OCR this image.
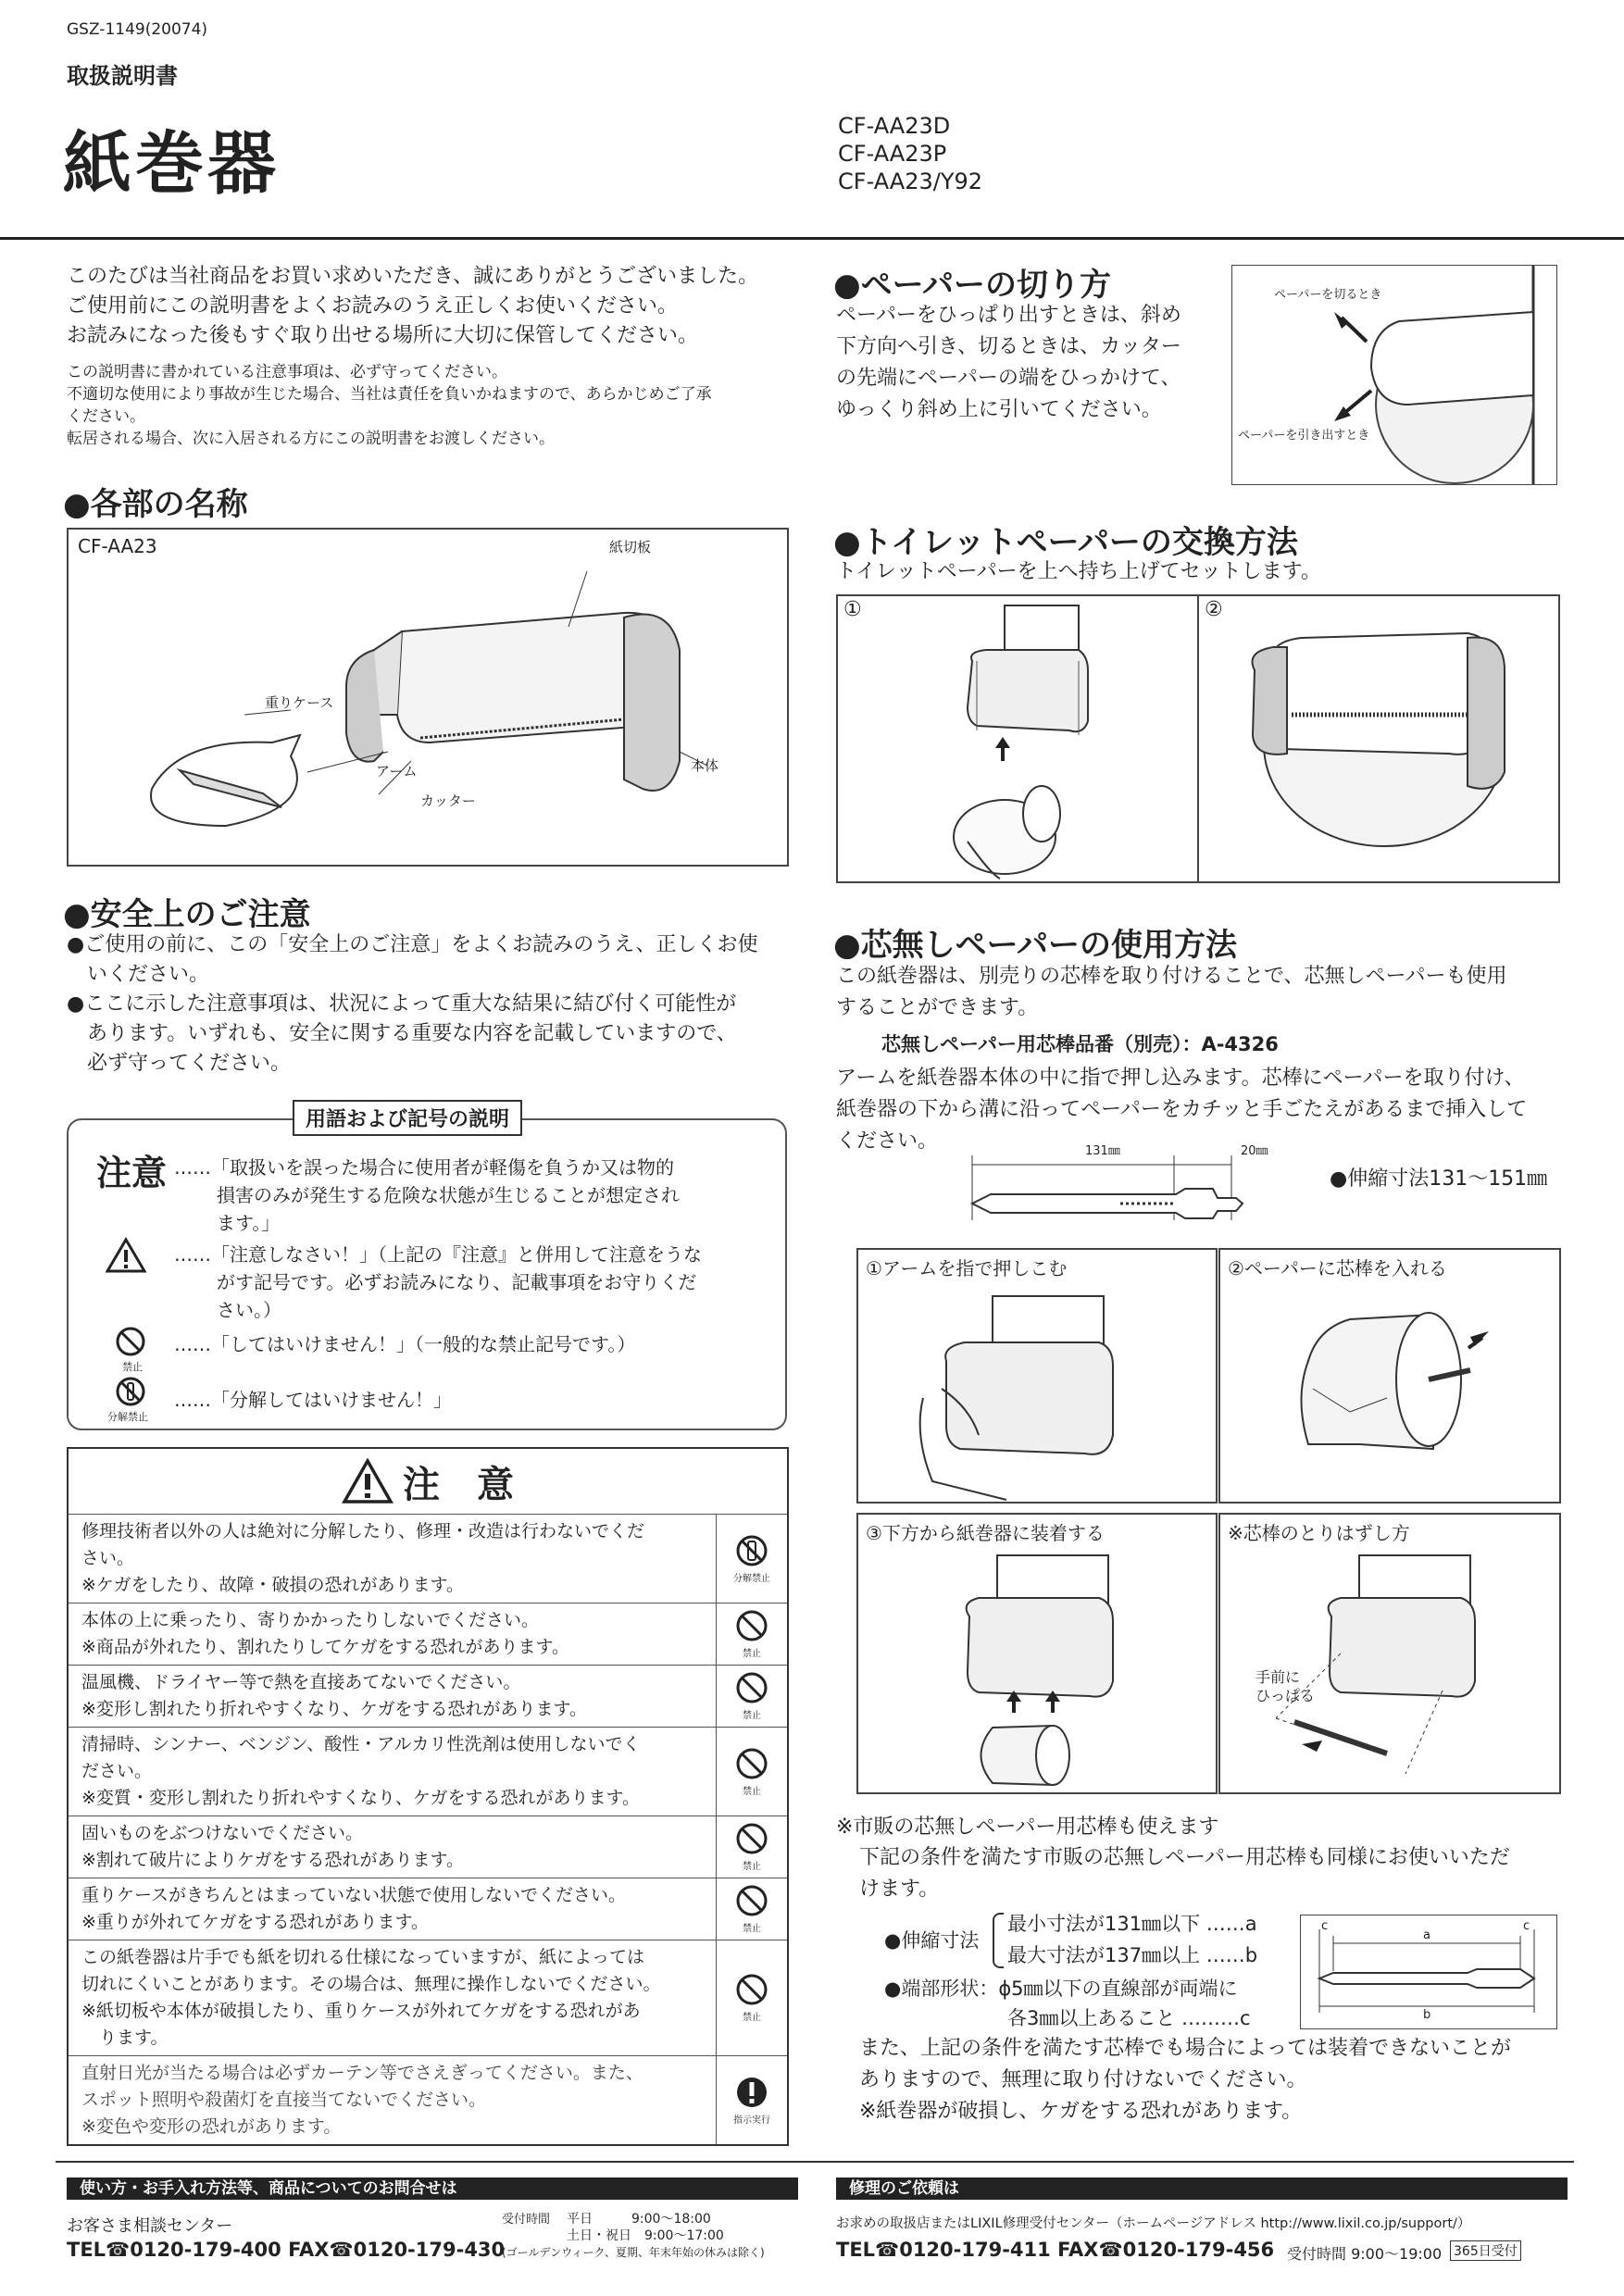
GSZ-1149(20074)
取扱説明書
紙巻器	CF-AA23D
CF-AA23P
CF-AA23/Y92
このたびは当社商品をお買い求めいただき、誠にありがとうございました。
ご使用前にこの説明書をよくお読みのうえ正しくお使いください。
お読みになった後もすぐ取り出せる場所に大切に保管してください。
この説明書に書かれている注意事項は、必ず守ってください。
不適切な使用により事故が生じた場合、当社は責任を負いかねますので、あらかじめご了承
ください。
転居される場合、次に入居される方にこの説明書をお渡しください。
●各部の名称
CF-AA23	紙切板
重りケース
アーム
カッター
本体
●安全上のご注意
●ご使用の前に、この「安全上のご注意」をよくお読みのうえ、正しくお使
いください。
●ここに示した注意事項は、状況によって重大な結果に結び付く可能性が
あります。いずれも、安全に関する重要な内容を記載していますので、
必ず守ってください。
用語および記号の説明
注意 ……「取扱いを誤った場合に使用者が軽傷を負うか又は物的
損害のみが発生する危険な状態が生じることが想定され
ます。」
……「注意しなさい！」（上記の『注意』と併用して注意をうな
がす記号です。必ずお読みになり、記載事項をお守りくだ
さい。）
禁止
……「してはいけません！」（一般的な禁止記号です。）
分解禁止
……「分解してはいけません！」
注　意
修理技術者以外の人は絶対に分解したり、修理・改造は行わないでくだ
さい。
※ケガをしたり、故障・破損の恐れがあります。	分解禁止
本体の上に乗ったり、寄りかかったりしないでください。
※商品が外れたり、割れたりしてケガをする恐れがあります。	禁止
温風機、ドライヤー等で熱を直接あてないでください。
※変形し割れたり折れやすくなり、ケガをする恐れがあります。	禁止
清掃時、シンナー、ベンジン、酸性・アルカリ性洗剤は使用しないでく
ださい。
※変質・変形し割れたり折れやすくなり、ケガをする恐れがあります。	禁止
固いものをぶつけないでください。
※割れて破片によりケガをする恐れがあります。	禁止
重りケースがきちんとはまっていない状態で使用しないでください。
※重りが外れてケガをする恐れがあります。	禁止
この紙巻器は片手でも紙を切れる仕様になっていますが、紙によっては
切れにくいことがあります。その場合は、無理に操作しないでください。
※紙切板や本体が破損したり、重りケースが外れてケガをする恐れがあ
　ります。
禁止
直射日光が当たる場合は必ずカーテン等でさえぎってください。また、
スポット照明や殺菌灯を直接当てないでください。
※変色や変形の恐れがあります。	指示実行
●ペーパーの切り方
ペーパーをひっぱり出すときは、斜め
下方向へ引き、切るときは、カッター
の先端にペーパーの端をひっかけて、
ゆっくり斜め上に引いてください。
ペーパーを切るとき
ペーパーを引き出すとき
●トイレットペーパーの交換方法
トイレットペーパーを上へ持ち上げてセットします。
①	②
●芯無しペーパーの使用方法
この紙巻器は、別売りの芯棒を取り付けることで、芯無しペーパーも使用
することができます。
芯無しペーパー用芯棒品番（別売）：A-4326
アームを紙巻器本体の中に指で押し込みます。芯棒にペーパーを取り付け、
紙巻器の下から溝に沿ってペーパーをカチッと手ごたえがあるまで挿入して
ください。	131㎜	20㎜
●伸縮寸法131〜151㎜
①アームを指で押しこむ	②ペーパーに芯棒を入れる
③下方から紙巻器に装着する	※芯棒のとりはずし方
手前に
ひっぱる
※市販の芯無しペーパー用芯棒も使えます
下記の条件を満たす市販の芯無しペーパー用芯棒も同様にお使いいただ
けます。
●伸縮寸法
最小寸法が131㎜以下 ……a
最大寸法が137㎜以上 ……b
●端部形状：ϕ5㎜以下の直線部が両端に
各3㎜以上あること ………c
a
b
c	c
また、上記の条件を満たす芯棒でも場合によっては装着できないことが
ありますので、無理に取り付けないでください。
※紙巻器が破損し、ケガをする恐れがあります。
使い方・お手入れ方法等、商品についてのお問合せは
お客さま相談センター
TEL☎0120-179-400 FAX☎0120-179-430
受付時間 平日　　　9:00〜18:00
土日・祝日　9:00〜17:00
(ゴールデンウィーク、夏期、年末年始の休みは除く)
修理のご依頼は
お求めの取扱店またはLIXIL修理受付センター（ホームページアドレス http://www.lixil.co.jp/support/）
TEL☎0120-179-411 FAX☎0120-179-456 受付時間 9:00〜19:00 365日受付
